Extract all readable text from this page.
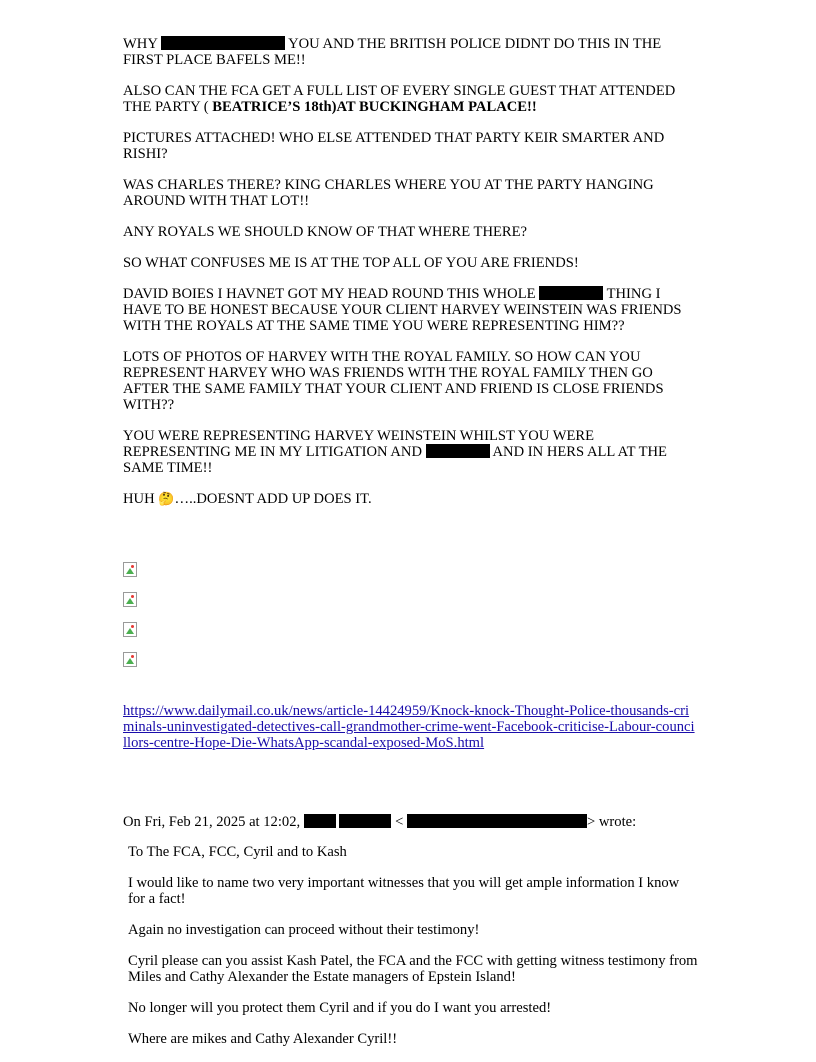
WHY	YOU AND THE BRITISH POLICE DIDNT DO THIS IN THE FIRST PLACE BAFELS ME!!

ALSO CAN THE FCA GET A FULL LIST OF EVERY SINGLE GUEST THAT ATTENDED THE PARTY ( BEATRICE’S 18th)AT BUCKINGHAM PALACE!!

PICTURES ATTACHED! WHO ELSE ATTENDED THAT PARTY KEIR SMARTER AND RISHI?

WAS CHARLES THERE? KING CHARLES WHERE YOU AT THE PARTY HANGING AROUND WITH THAT LOT!!

ANY ROYALS WE SHOULD KNOW OF THAT WHERE THERE?

SO WHAT CONFUSES ME IS AT THE TOP ALL OF YOU ARE FRIENDS!

DAVID BOIES I HAVNET GOT MY HEAD ROUND THIS WHOLE	THING I HAVE TO BE HONEST BECAUSE YOUR CLIENT HARVEY WEINSTEIN WAS FRIENDS WITH THE ROYALS AT THE SAME TIME YOU WERE REPRESENTING HIM??

LOTS OF PHOTOS OF HARVEY WITH THE ROYAL FAMILY. SO HOW CAN YOU REPRESENT HARVEY WHO WAS FRIENDS WITH THE ROYAL FAMILY THEN GO AFTER THE SAME FAMILY THAT YOUR CLIENT AND FRIEND IS CLOSE FRIENDS WITH??

YOU WERE REPRESENTING HARVEY WEINSTEIN WHILST YOU WERE REPRESENTING ME IN MY LITIGATION AND	AND IN HERS ALL AT THE SAME TIME!!

HUH 🤔…..DOESNT ADD UP DOES IT.

https://www.dailymail.co.uk/news/article-14424959/Knock-knock-Thought-Police-thousands-criminals-uninvestigated-detectives-call-grandmother-crime-went-Facebook-criticise-Labour-councillors-centre-Hope-Die-WhatsApp-scandal-exposed-MoS.html

On Fri, Feb 21, 2025 at 12:02,	<	> wrote:

To The FCA, FCC, Cyril and to Kash

I would like to name two very important witnesses that you will get ample information I know for a fact!

Again no investigation can proceed without their testimony!

Cyril please can you assist Kash Patel, the FCA and the FCC with getting witness testimony from Miles and Cathy Alexander the Estate managers of Epstein Island!

No longer will you protect them Cyril and if you do I want you arrested!

Where are mikes and Cathy Alexander Cyril!!
